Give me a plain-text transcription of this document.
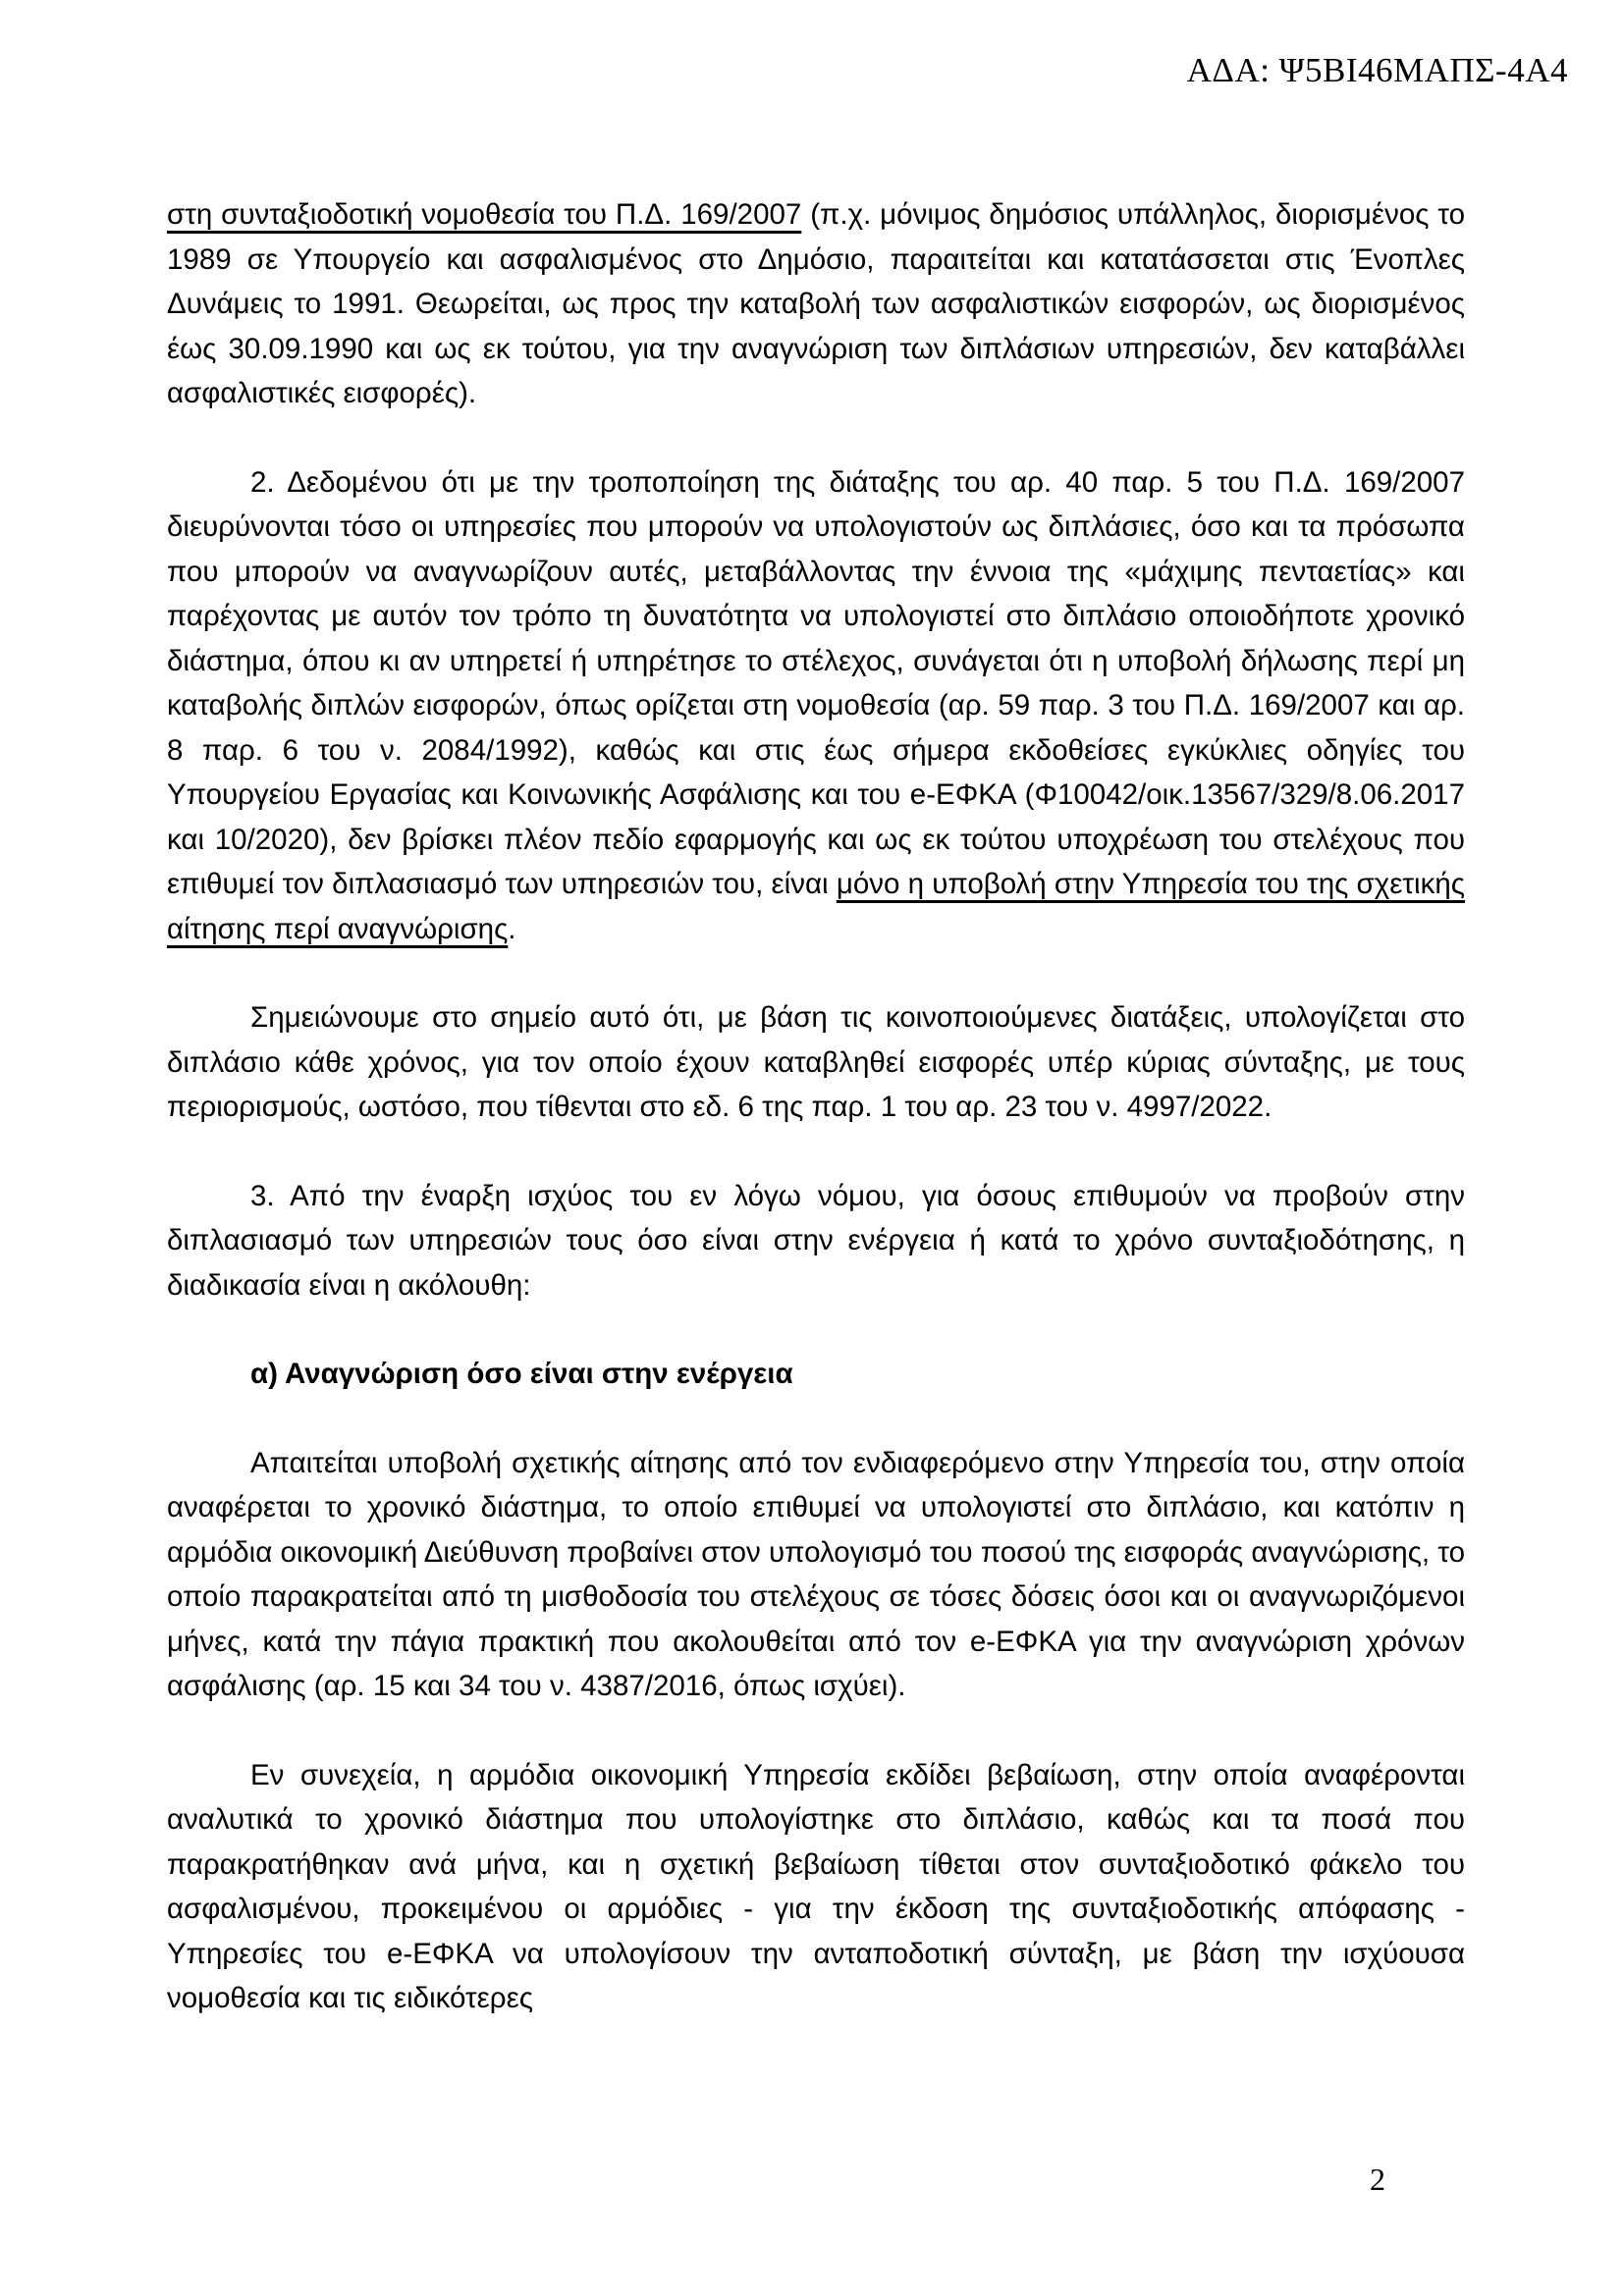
ΑΔΑ: Ψ5ΒΙ46ΜΑΠΣ-4Α4

στη συνταξιοδοτική νομοθεσία του Π.Δ. 169/2007 (π.χ. μόνιμος δημόσιος υπάλληλος, διορισμένος το 1989 σε Υπουργείο και ασφαλισμένος στο Δημόσιο, παραιτείται και κατατάσσεται στις Ένοπλες Δυνάμεις το 1991. Θεωρείται, ως προς την καταβολή των ασφαλιστικών εισφορών, ως διορισμένος έως 30.09.1990 και ως εκ τούτου, για την αναγνώριση των διπλάσιων υπηρεσιών, δεν καταβάλλει ασφαλιστικές εισφορές).

2. Δεδομένου ότι με την τροποποίηση της διάταξης του αρ. 40 παρ. 5 του Π.Δ. 169/2007 διευρύνονται τόσο οι υπηρεσίες που μπορούν να υπολογιστούν ως διπλάσιες, όσο και τα πρόσωπα που μπορούν να αναγνωρίζουν αυτές, μεταβάλλοντας την έννοια της «μάχιμης πενταετίας» και παρέχοντας με αυτόν τον τρόπο τη δυνατότητα να υπολογιστεί στο διπλάσιο οποιοδήποτε χρονικό διάστημα, όπου κι αν υπηρετεί ή υπηρέτησε το στέλεχος, συνάγεται ότι η υποβολή δήλωσης περί μη καταβολής διπλών εισφορών, όπως ορίζεται στη νομοθεσία (αρ. 59 παρ. 3 του Π.Δ. 169/2007 και αρ. 8 παρ. 6 του ν. 2084/1992), καθώς και στις έως σήμερα εκδοθείσες εγκύκλιες οδηγίες του Υπουργείου Εργασίας και Κοινωνικής Ασφάλισης και του e-ΕΦΚΑ (Φ10042/οικ.13567/329/8.06.2017 και 10/2020), δεν βρίσκει πλέον πεδίο εφαρμογής και ως εκ τούτου υποχρέωση του στελέχους που επιθυμεί τον διπλασιασμό των υπηρεσιών του, είναι μόνο η υποβολή στην Υπηρεσία του της σχετικής αίτησης περί αναγνώρισης.

Σημειώνουμε στο σημείο αυτό ότι, με βάση τις κοινοποιούμενες διατάξεις, υπολογίζεται στο διπλάσιο κάθε χρόνος, για τον οποίο έχουν καταβληθεί εισφορές υπέρ κύριας σύνταξης, με τους περιορισμούς, ωστόσο, που τίθενται στο εδ. 6 της παρ. 1 του αρ. 23 του ν. 4997/2022.

3. Από την έναρξη ισχύος του εν λόγω νόμου, για όσους επιθυμούν να προβούν στην διπλασιασμό των υπηρεσιών τους όσο είναι στην ενέργεια ή κατά το χρόνο συνταξιοδότησης, η διαδικασία είναι η ακόλουθη:

α) Αναγνώριση όσο είναι στην ενέργεια

Απαιτείται υποβολή σχετικής αίτησης από τον ενδιαφερόμενο στην Υπηρεσία του, στην οποία αναφέρεται το χρονικό διάστημα, το οποίο επιθυμεί να υπολογιστεί στο διπλάσιο, και κατόπιν η αρμόδια οικονομική Διεύθυνση προβαίνει στον υπολογισμό του ποσού της εισφοράς αναγνώρισης, το οποίο παρακρατείται από τη μισθοδοσία του στελέχους σε τόσες δόσεις όσοι και οι αναγνωριζόμενοι μήνες, κατά την πάγια πρακτική που ακολουθείται από τον e-ΕΦΚΑ για την αναγνώριση χρόνων ασφάλισης (αρ. 15 και 34 του ν. 4387/2016, όπως ισχύει).

Εν συνεχεία, η αρμόδια οικονομική Υπηρεσία εκδίδει βεβαίωση, στην οποία αναφέρονται αναλυτικά το χρονικό διάστημα που υπολογίστηκε στο διπλάσιο, καθώς και τα ποσά που παρακρατήθηκαν ανά μήνα, και η σχετική βεβαίωση τίθεται στον συνταξιοδοτικό φάκελο του ασφαλισμένου, προκειμένου οι αρμόδιες - για την έκδοση της συνταξιοδοτικής απόφασης - Υπηρεσίες του e-ΕΦΚΑ να υπολογίσουν την ανταποδοτική σύνταξη, με βάση την ισχύουσα νομοθεσία και τις ειδικότερες

2
